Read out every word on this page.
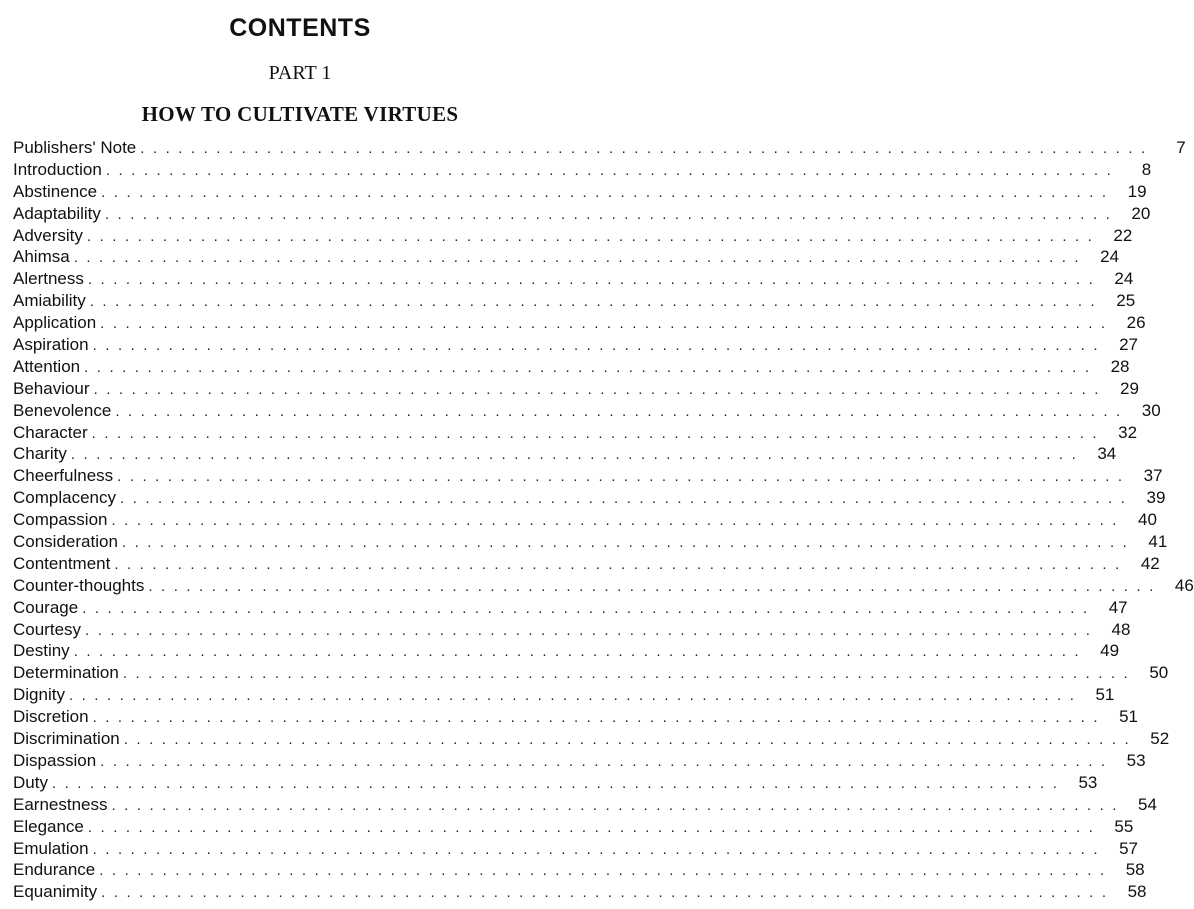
CONTENTS
PART 1
HOW TO CULTIVATE VIRTUES
Publishers' Note ................................................................................	7
Introduction ................................................................................	8
Abstinence ................................................................................ 19
Adaptability ................................................................................ 20
Adversity ................................................................................ 22
Ahimsa ................................................................................ 24
Alertness ................................................................................ 24
Amiability ................................................................................ 25
Application ................................................................................ 26
Aspiration ................................................................................ 27
Attention ................................................................................ 28
Behaviour ................................................................................ 29
Benevolence ................................................................................ 30
Character ................................................................................ 32
Charity ................................................................................ 34
Cheerfulness ................................................................................ 37
Complacency ................................................................................ 39
Compassion ................................................................................ 40
Consideration ................................................................................ 41
Contentment ................................................................................ 42
Counter-thoughts ................................................................................ 46
Courage ................................................................................ 47
Courtesy ................................................................................ 48
Destiny ................................................................................ 49
Determination ................................................................................ 50
Dignity ................................................................................ 51
Discretion ................................................................................ 51
Discrimination ................................................................................ 52
Dispassion ................................................................................ 53
Duty ................................................................................ 53
Earnestness ................................................................................ 54
Elegance ................................................................................ 55
Emulation ................................................................................ 57
Endurance ................................................................................ 58
Equanimity ................................................................................ 58
